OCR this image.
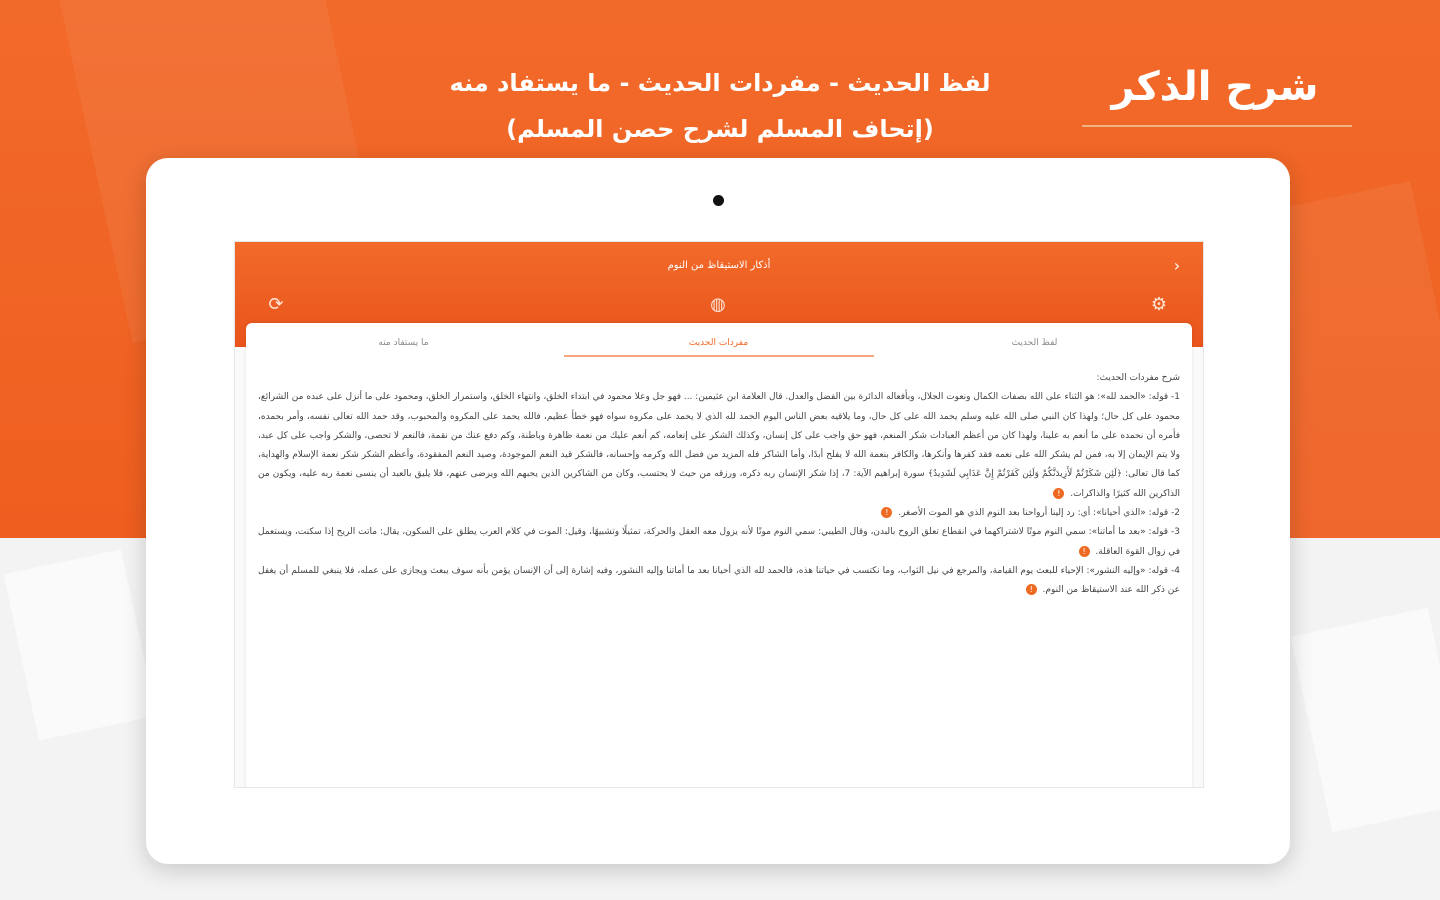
شرح الذكر
لفظ الحديث - مفردات الحديث - ما يستفاد منه
(إتحاف المسلم لشرح حصن المسلم)
أذكار الاستيقاظ من النوم	›
⟳	◍	⚙
ما يستفاد منه	مفردات الحديث	لفظ الحديث

شرح مفردات الحديث:

1- قوله: «الحمد لله»: هو الثناء على الله بصفات الكمال ونعوت الجلال، وبأفعاله الدائرة بين الفضل والعدل. قال العلامة ابن عثيمين: ... فهو جل وعلا محمود في ابتداء الخلق، وانتهاء الخلق، واستمرار الخلق، ومحمود على ما أنزل على عبده من الشرائع، محمود على كل حال؛ ولهذا كان النبي صلى الله عليه وسلم يحمد الله على كل حال، وما يلاقيه بعض الناس اليوم الحمد لله الذي لا يحمد على مكروه سواه فهو خطأ عظيم، فالله يحمد على المكروه والمحبوب، وقد حمد الله تعالى نفسه، وأمر بحمده، فأمره أن نحمده على ما أنعم به علينا، ولهذا كان من أعظم العبادات شكر المنعم، فهو حق واجب على كل إنسان، وكذلك الشكر على إنعامه، كم أنعم عليك من نعمة ظاهرة وباطنة، وكم دفع عنك من نقمة، فالنعم لا تحصى، والشكر واجب على كل عبد، ولا يتم الإيمان إلا به، فمن لم يشكر الله على نعمه فقد كفرها وأنكرها، والكافر بنعمة الله لا يفلح أبدًا، وأما الشاكر فله المزيد من فضل الله وكرمه وإحسانه، فالشكر قيد النعم الموجودة، وصيد النعم المفقودة، وأعظم الشكر شكر نعمة الإسلام والهداية، كما قال تعالى: ﴿لَئِن شَكَرْتُمْ لَأَزِيدَنَّكُمْ وَلَئِن كَفَرْتُمْ إِنَّ عَذَابِي لَشَدِيدٌ﴾ سورة إبراهيم الآية: 7، إذا شكر الإنسان ربه ذكره، ورزقه من حيث لا يحتسب، وكان من الشاكرين الذين يحبهم الله ويرضى عنهم، فلا يليق بالعبد أن ينسى نعمة ربه عليه، ويكون من الذاكرين الله كثيرًا والذاكرات. !

2- قوله: «الذي أحيانا»: أي: رد إلينا أرواحنا بعد النوم الذي هو الموت الأصغر. !

3- قوله: «بعد ما أماتنا»: سمي النوم موتًا لاشتراكهما في انقطاع تعلق الروح بالبدن، وقال الطيبي: سمي النوم موتًا لأنه يزول معه العقل والحركة، تمثيلًا وتشبيهًا، وقيل: الموت في كلام العرب يطلق على السكون، يقال: ماتت الريح إذا سكنت، ويستعمل في زوال القوة العاقلة. !

4- قوله: «وإليه النشور»: الإحياء للبعث يوم القيامة، والمرجع في نيل الثواب، وما نكتسب في حياتنا هذه، فالحمد لله الذي أحيانا بعد ما أماتنا وإليه النشور، وفيه إشارة إلى أن الإنسان يؤمن بأنه سوف يبعث ويجازى على عمله، فلا ينبغي للمسلم أن يغفل عن ذكر الله عند الاستيقاظ من النوم. !
